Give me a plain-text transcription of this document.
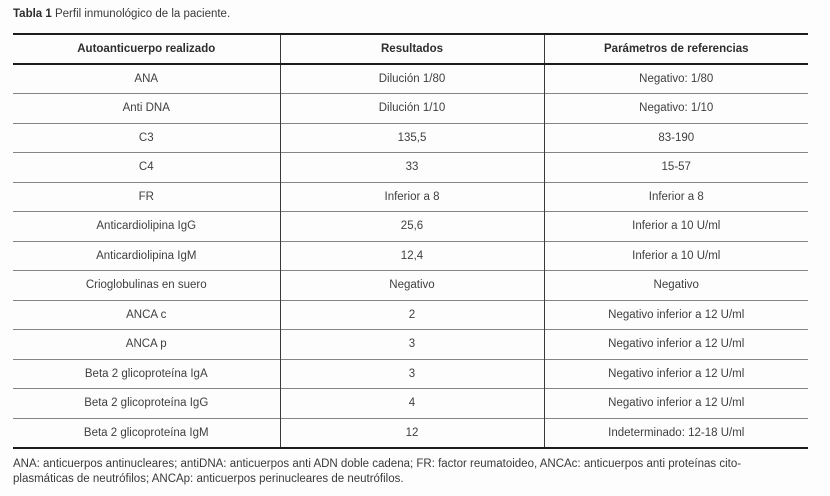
Tabla 1 Perfil inmunológico de la paciente.
Autoanticuerpo realizado	Resultados	Parámetros de referencias
ANA	Dilución 1/80	Negativo: 1/80
Anti DNA	Dilución 1/10	Negativo: 1/10
C3	135,5	83-190
C4	33	15-57
FR	Inferior a 8	Inferior a 8
Anticardiolipina IgG	25,6	Inferior a 10 U/ml
Anticardiolipina IgM	12,4	Inferior a 10 U/ml
Crioglobulinas en suero	Negativo	Negativo
ANCA c	2	Negativo inferior a 12 U/ml
ANCA p	3	Negativo inferior a 12 U/ml
Beta 2 glicoproteína IgA	3	Negativo inferior a 12 U/ml
Beta 2 glicoproteína IgG	4	Negativo inferior a 12 U/ml
Beta 2 glicoproteína IgM	12	Indeterminado: 12-18 U/ml
ANA: anticuerpos antinucleares; antiDNA: anticuerpos anti ADN doble cadena; FR: factor reumatoideo, ANCAc: anticuerpos anti proteínas cito-
plasmáticas de neutrófilos; ANCAp: anticuerpos perinucleares de neutrófilos.
